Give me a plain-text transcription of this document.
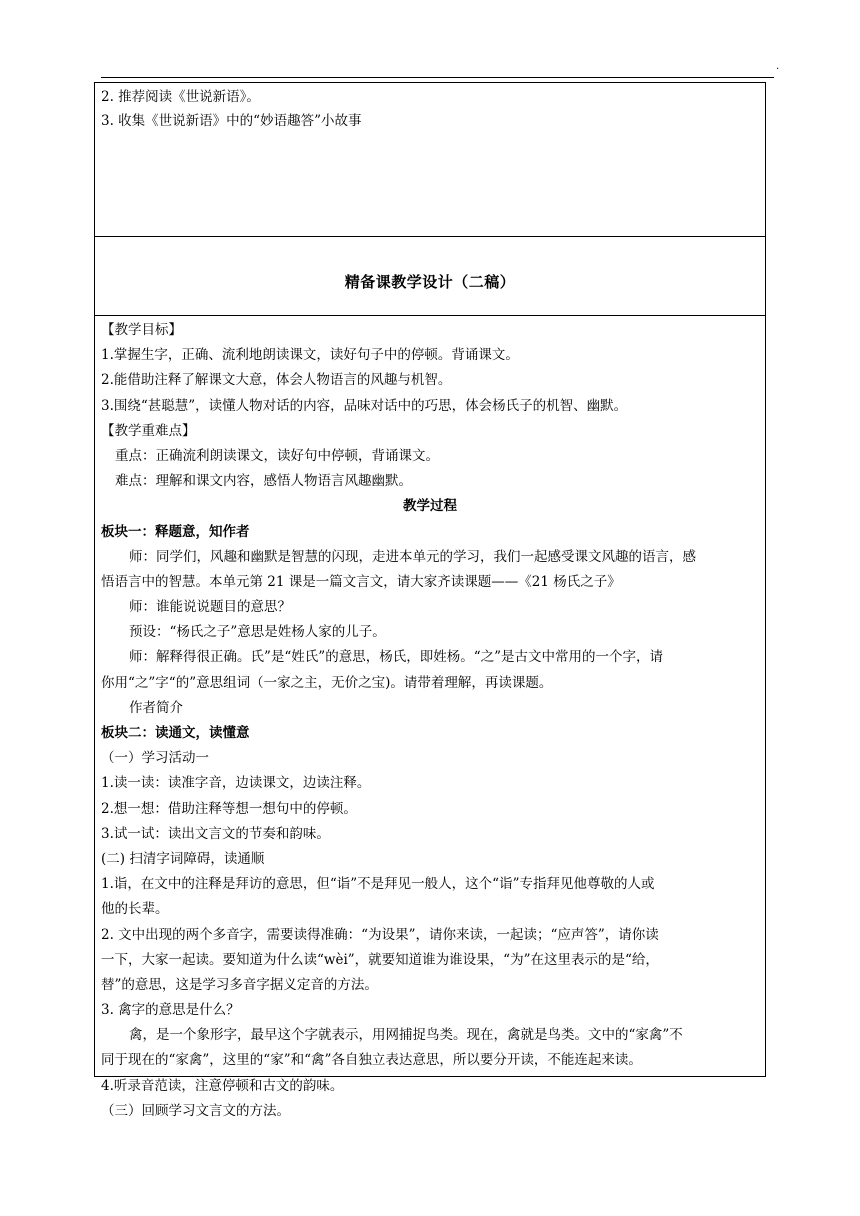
.
2. 推荐阅读《世说新语》。
3. 收集《世说新语》中的“妙语趣答”小故事
精备课教学设计（二稿）
【教学目标】
1.掌握生字，正确、流利地朗读课文，读好句子中的停顿。背诵课文。
2.能借助注释了解课文大意，体会人物语言的风趣与机智。
3.围绕“甚聪慧”，读懂人物对话的内容，品味对话中的巧思，体会杨氏子的机智、幽默。
【教学重难点】
重点：正确流利朗读课文，读好句中停顿，背诵课文。
难点：理解和课文内容，感悟人物语言风趣幽默。
教学过程
板块一：释题意，知作者
师：同学们，风趣和幽默是智慧的闪现，走进本单元的学习，我们一起感受课文风趣的语言，感
悟语言中的智慧。本单元第 21 课是一篇文言文，请大家齐读课题——《21 杨氏之子》
师：谁能说说题目的意思？
预设：“杨氏之子”意思是姓杨人家的儿子。
师：解释得很正确。氏”是“姓氏”的意思，杨氏，即姓杨。“之”是古文中常用的一个字，请
你用“之”字“的”意思组词（一家之主，无价之宝)。请带着理解，再读课题。
作者简介
板块二：读通文，读懂意
（一）学习活动一
1.读一读：读准字音，边读课文，边读注释。
2.想一想：借助注释等想一想句中的停顿。
3.试一试：读出文言文的节奏和韵味。
(二) 扫清字词障碍，读通顺
1.诣，在文中的注释是拜访的意思，但“诣”不是拜见一般人，这个“诣”专指拜见他尊敬的人或
他的长辈。
2. 文中出现的两个多音字，需要读得准确：“为设果”，请你来读，一起读；“应声答”，请你读
一下，大家一起读。要知道为什么读“wèi”，就要知道谁为谁设果，“为”在这里表示的是“给，
替”的意思，这是学习多音字据义定音的方法。
3. 禽字的意思是什么？
禽，是一个象形字，最早这个字就表示，用网捕捉鸟类。现在，禽就是鸟类。文中的“家禽”不
同于现在的“家禽”，这里的“家”和“禽”各自独立表达意思，所以要分开读，不能连起来读。
4.听录音范读，注意停顿和古文的韵味。
（三）回顾学习文言文的方法。
